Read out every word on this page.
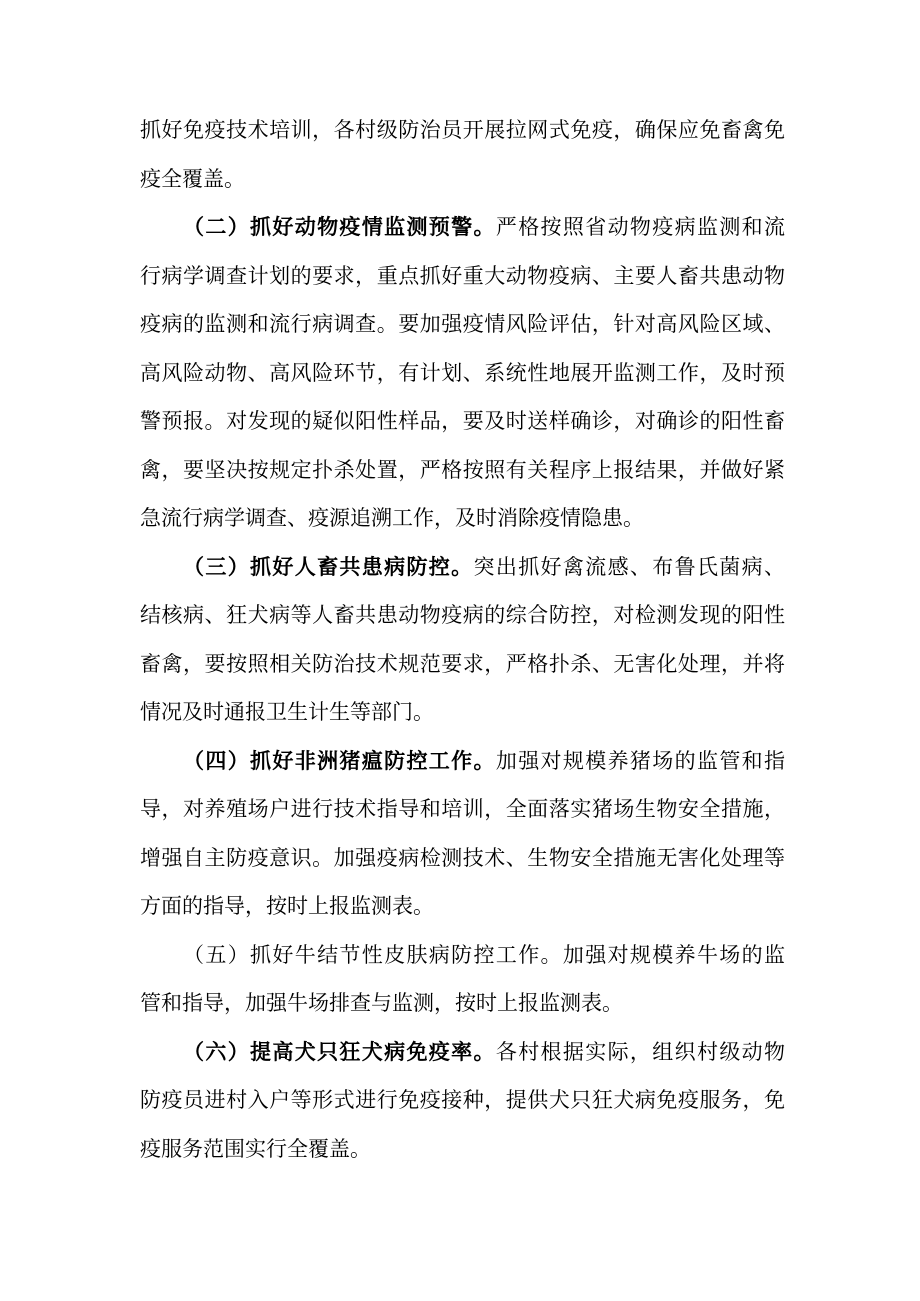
抓好免疫技术培训，各村级防治员开展拉网式免疫，确保应免畜禽免
疫全覆盖。
（二）抓好动物疫情监测预警。严格按照省动物疫病监测和流
行病学调查计划的要求，重点抓好重大动物疫病、主要人畜共患动物
疫病的监测和流行病调查。要加强疫情风险评估，针对高风险区域、
高风险动物、高风险环节，有计划、系统性地展开监测工作，及时预
警预报。对发现的疑似阳性样品，要及时送样确诊，对确诊的阳性畜
禽，要坚决按规定扑杀处置，严格按照有关程序上报结果，并做好紧
急流行病学调查、疫源追溯工作，及时消除疫情隐患。
（三）抓好人畜共患病防控。突出抓好禽流感、布鲁氏菌病、
结核病、狂犬病等人畜共患动物疫病的综合防控，对检测发现的阳性
畜禽，要按照相关防治技术规范要求，严格扑杀、无害化处理，并将
情况及时通报卫生计生等部门。
（四）抓好非洲猪瘟防控工作。加强对规模养猪场的监管和指
导，对养殖场户进行技术指导和培训，全面落实猪场生物安全措施，
增强自主防疫意识。加强疫病检测技术、生物安全措施无害化处理等
方面的指导，按时上报监测表。
（五）抓好牛结节性皮肤病防控工作。加强对规模养牛场的监
管和指导，加强牛场排查与监测，按时上报监测表。
（六）提高犬只狂犬病免疫率。各村根据实际，组织村级动物
防疫员进村入户等形式进行免疫接种，提供犬只狂犬病免疫服务，免
疫服务范围实行全覆盖。
